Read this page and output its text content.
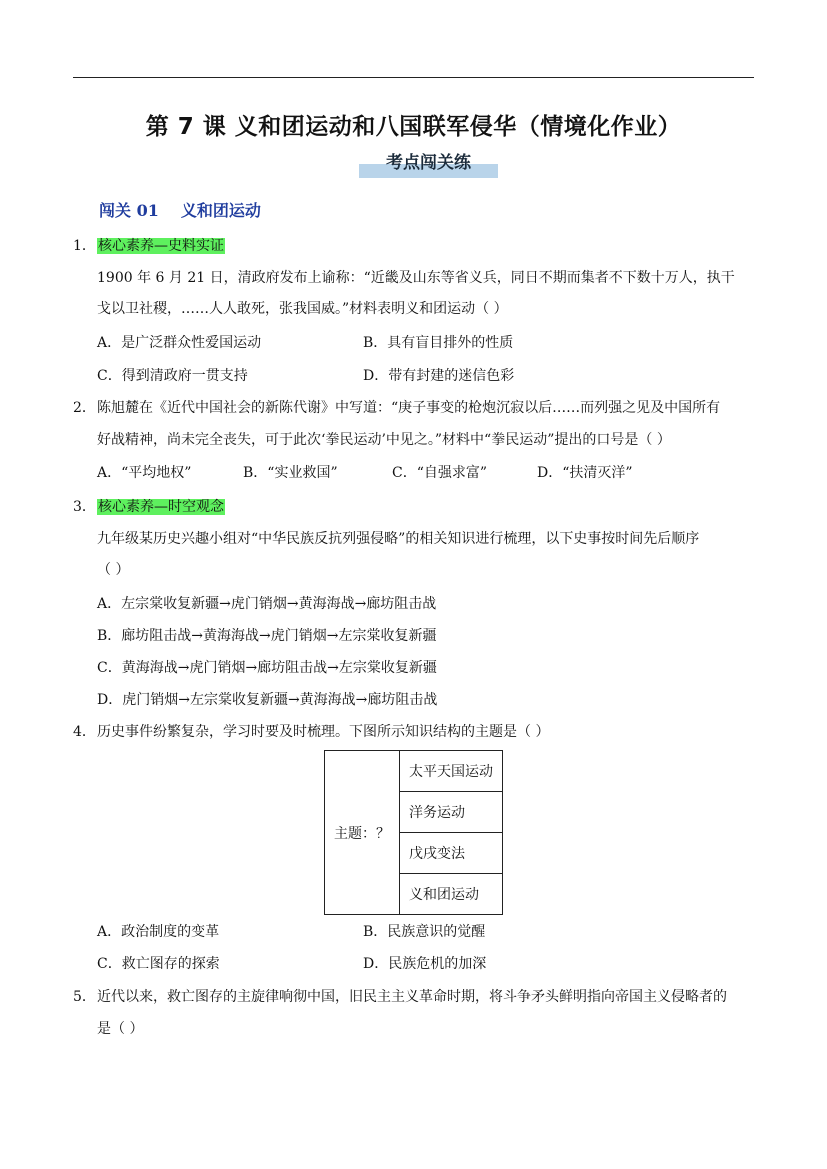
第 7 课 义和团运动和八国联军侵华（情境化作业）
考点闯关练
闯关 01 义和团运动
1． 核心素养—史料实证
1900 年 6 月 21 日，清政府发布上谕称：“近畿及山东等省义兵，同日不期而集者不下数十万人，执干
戈以卫社稷，……人人敢死，张我国威。”材料表明义和团运动（ ）
A．是广泛群众性爱国运动	B．具有盲目排外的性质
C．得到清政府一贯支持	D．带有封建的迷信色彩
2． 陈旭麓在《近代中国社会的新陈代谢》中写道：“庚子事变的枪炮沉寂以后……而列强之见及中国所有
好战精神，尚未完全丧失，可于此次‘拳民运动’中见之。”材料中“拳民运动”提出的口号是（ ）
A．“平均地权”	B．“实业救国”	C．“自强求富”	D．“扶清灭洋”
3． 核心素养—时空观念
九年级某历史兴趣小组对“中华民族反抗列强侵略”的相关知识进行梳理，以下史事按时间先后顺序
（ ）
A．左宗棠收复新疆→虎门销烟→黄海海战→廊坊阻击战
B．廊坊阻击战→黄海海战→虎门销烟→左宗棠收复新疆
C．黄海海战→虎门销烟→廊坊阻击战→左宗棠收复新疆
D．虎门销烟→左宗棠收复新疆→黄海海战→廊坊阻击战
4． 历史事件纷繁复杂，学习时要及时梳理。下图所示知识结构的主题是（ ）
主题：？	太平天国运动
洋务运动
戊戌变法
义和团运动
A．政治制度的变革	B．民族意识的觉醒
C．救亡图存的探索	D．民族危机的加深
5． 近代以来，救亡图存的主旋律响彻中国，旧民主主义革命时期，将斗争矛头鲜明指向帝国主义侵略者的
是（ ）
